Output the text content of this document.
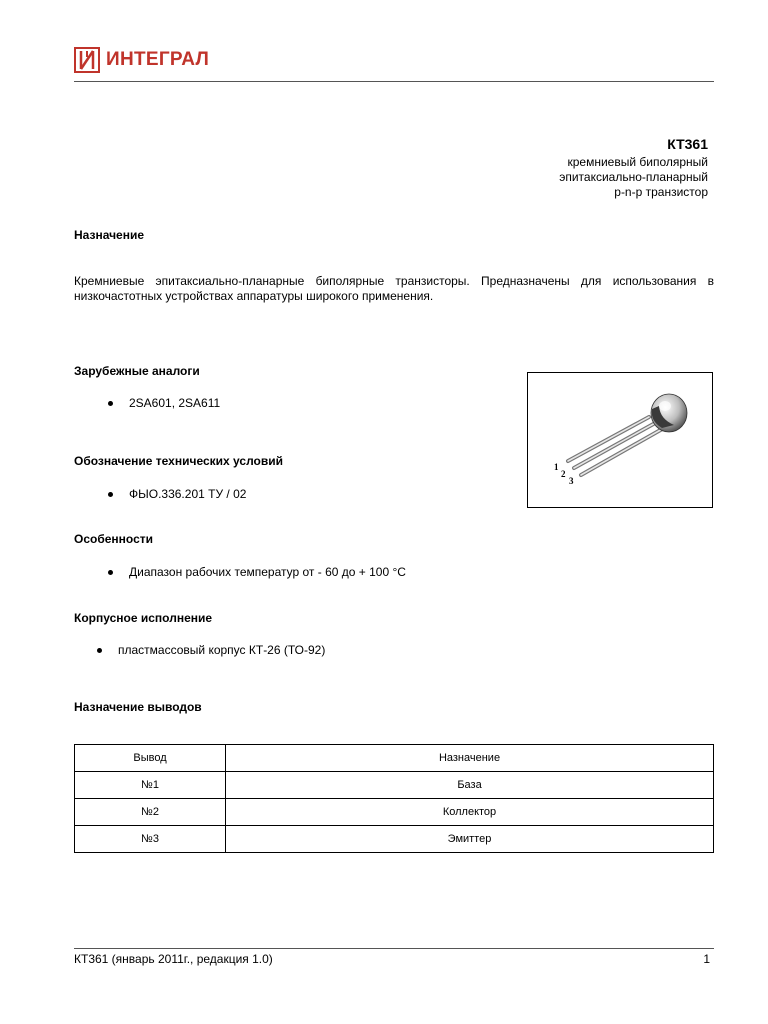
ИНТЕГРАЛ
КТ361
кремниевый биполярный
эпитаксиально-планарный
p-n-p транзистор
Назначение
Кремниевые эпитаксиально-планарные биполярные транзисторы. Предназначены для использования в низкочастотных устройствах аппаратуры широкого применения.
Зарубежные аналоги
2SA601, 2SA611
Обозначение технических условий
ФЫО.336.201 ТУ / 02
Особенности
Диапазон рабочих температур от - 60 до + 100 °С
Корпусное исполнение
пластмассовый корпус КТ-26 (ТО-92)
Назначение выводов
1
2
3
Вывод	Назначение
№1	База
№2	Коллектор
№3	Эмиттер
КТ361 (январь 2011г., редакция 1.0)	1
